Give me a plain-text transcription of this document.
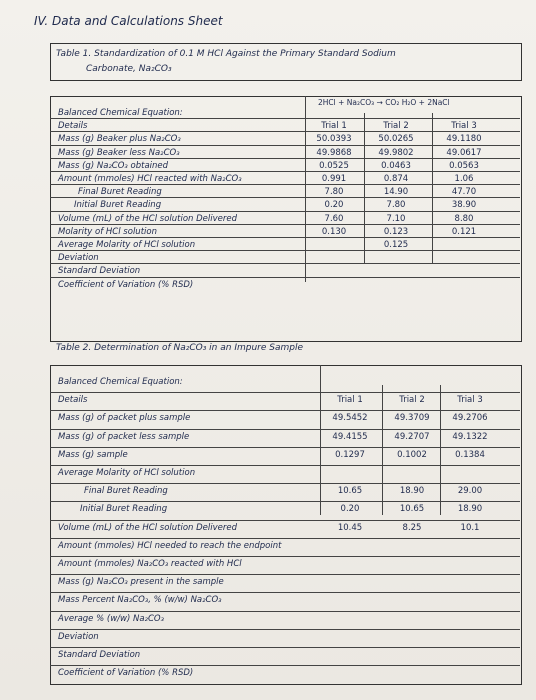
IV. Data and Calculations Sheet
Table 1. Standardization of 0.1 M HCl Against the Primary Standard Sodium
Carbonate, Na₂CO₃
2HCl + Na₂CO₃ → CO₂ H₂O + 2NaCl
Balanced Chemical Equation:
Details	Trial 1	Trial 2	Trial 3
Mass (g) Beaker plus Na₂CO₃	50.0393	50.0265	49.1180
Mass (g) Beaker less Na₂CO₃	49.9868	49.9802	49.0617
Mass (g) Na₂CO₃ obtained	0.0525	0.0463	0.0563
Amount (mmoles) HCl reacted with Na₂CO₃	0.991	0.874	1.06
Final Buret Reading	7.80	14.90	47.70
Initial Buret Reading	0.20	7.80	38.90
Volume (mL) of the HCl solution Delivered	7.60	7.10	8.80
Molarity of HCl solution	0.130	0.123	0.121
Average Molarity of HCl solution	0.125
Deviation
Standard Deviation
Coefficient of Variation (% RSD)
Table 2. Determination of Na₂CO₃ in an Impure Sample
Balanced Chemical Equation:
Details	Trial 1	Trial 2	Trial 3
Mass (g) of packet plus sample	49.5452	49.3709	49.2706
Mass (g) of packet less sample	49.4155	49.2707	49.1322
Mass (g) sample	0.1297	0.1002	0.1384
Average Molarity of HCl solution
Final Buret Reading	10.65	18.90	29.00
Initial Buret Reading	0.20	10.65	18.90
Volume (mL) of the HCl solution Delivered	10.45	8.25	10.1
Amount (mmoles) HCl needed to reach the endpoint
Amount (mmoles) Na₂CO₃ reacted with HCl
Mass (g) Na₂CO₃ present in the sample
Mass Percent Na₂CO₃, % (w/w) Na₂CO₃
Average % (w/w) Na₂CO₃
Deviation
Standard Deviation
Coefficient of Variation (% RSD)
